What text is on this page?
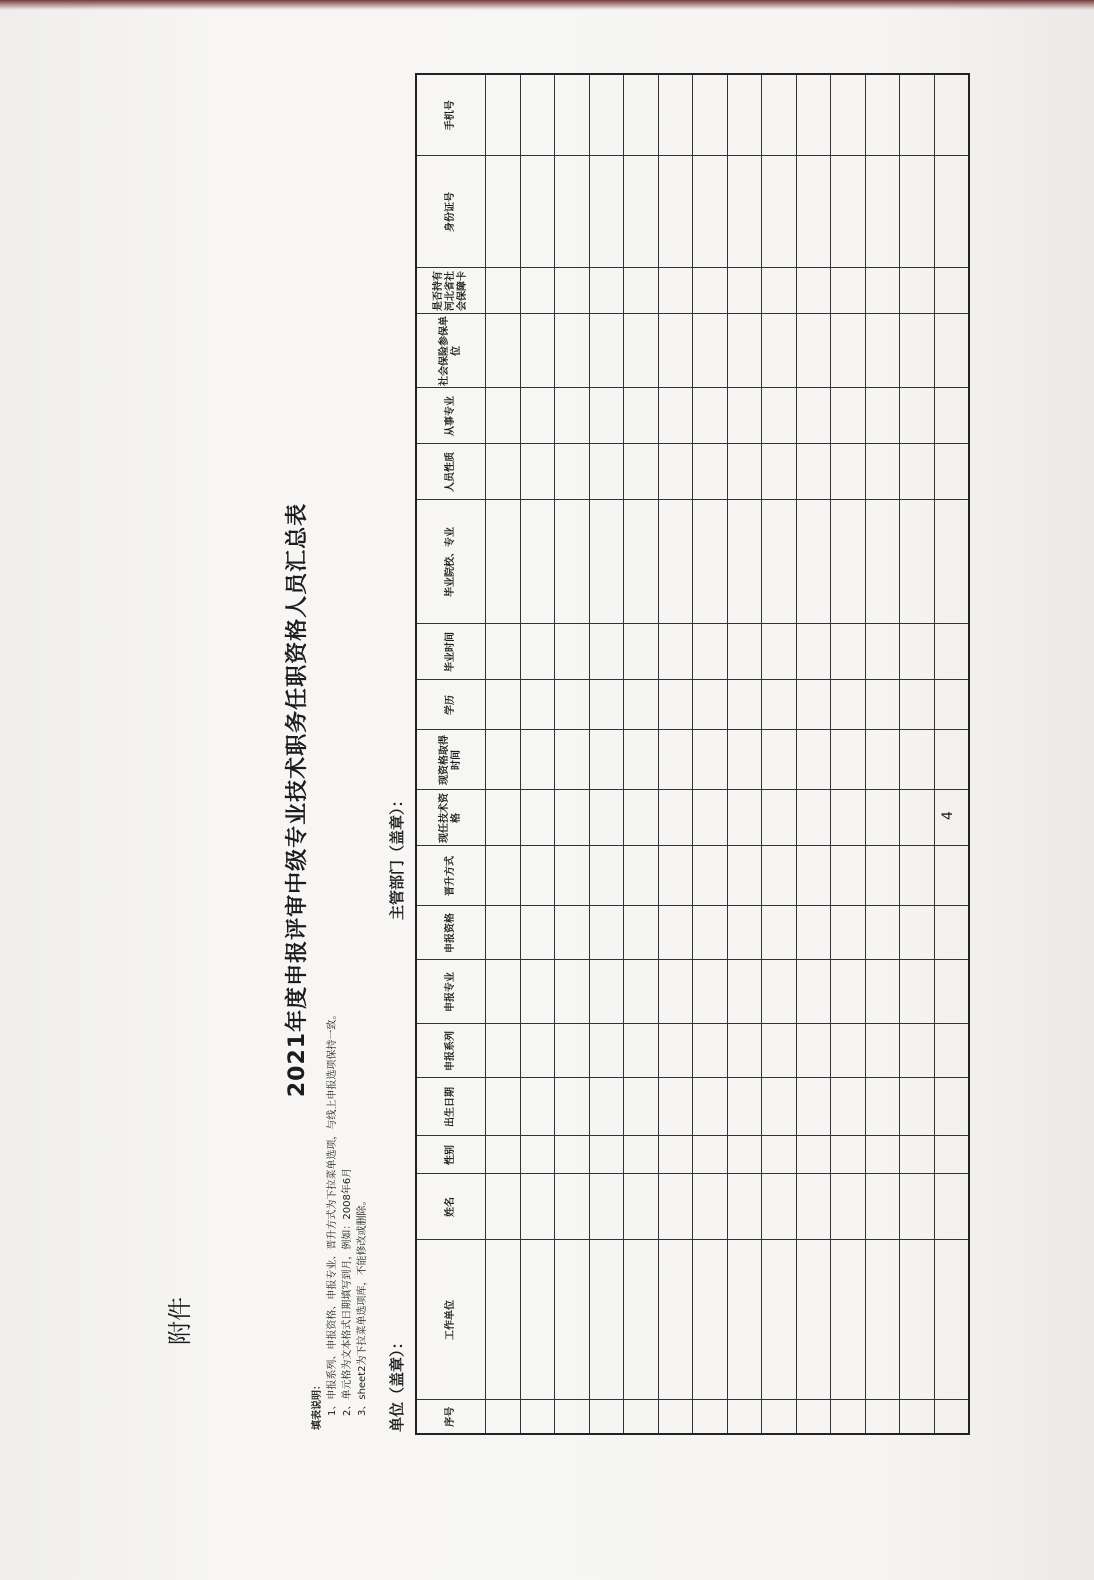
附件
2021年度申报评审中级专业技术职务任职资格人员汇总表
填表说明： 1、申报系列、申报资格、申报专业、晋升方式为下拉菜单选项，与线上申报选项保持一致。 2、单元格为文本格式日期填写到月，例如：2008年6月 3、sheet2为下拉菜单选项库，不能修改或删除。 单位（盖章）：
主管部门（盖章）：
序号	工作单位	姓名	性别	出生日期	申报系列	申报专业	申报资格	晋升方式	现任技术资格	现资格取得时间	学历	毕业时间	毕业院校、专业	人员性质	从事专业	社会保险参保单位	是否持有河北省社会保障卡	身份证号	手机号

4
